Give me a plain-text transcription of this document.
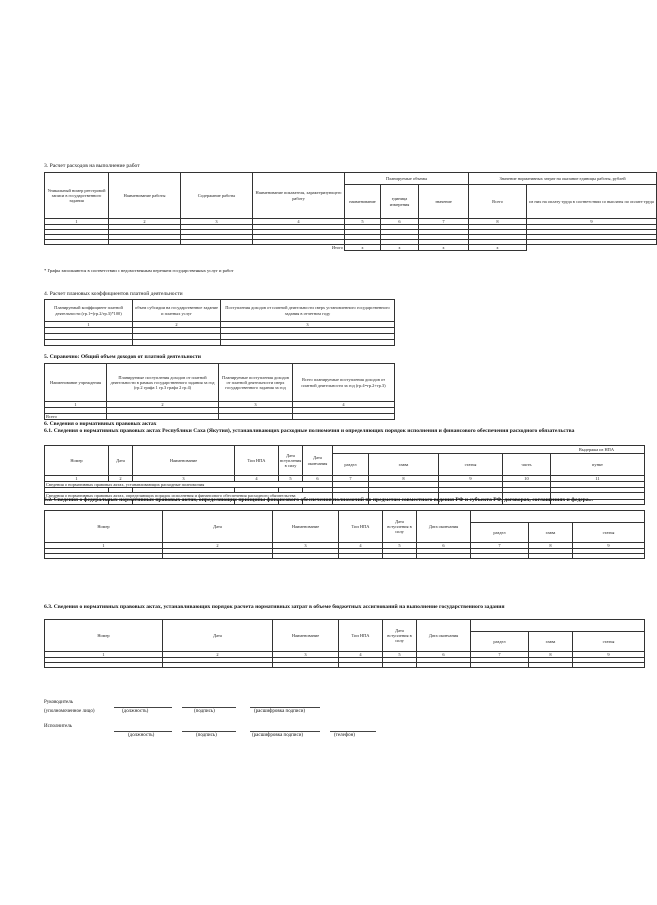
3. Расчет расходов на выполнение работ
Уникальный номер реестровой записи в государственного задания	Наименование работы	Содержание работы	Наименование показателя, характеризующего работу	Планируемые объемы			Значение нормативных затрат на оказание единицы работы, рублей	
				наименование	единица измерения	значение	Всего	из них на оплату труда в соответствии со выплаты по оплате труда
1	2	3	4	5	6	7	8	9

			Итого	х	х	х	х	
* Графы заполняются в соответствии с ведомственным перечнем государственных услуг и работ
4. Расчет плановых коэффициентов платной деятельности
Планируемый коэффициент платной деятельности (гр.1=(гр.2/гр.3)*100)	объем субсидии на государственное задание и платных услуг	Поступления доходов от платной деятельности сверх установленного государственного задания в отчетном году
1	2	3

5. Справочно: Общий объем доходов от платной деятельности
Наименование учреждения	Планируемые поступления доходов от платной деятельности в рамках государственного задания за год (гр.2 графа 1 гр.3 графа 2 гр.4)	Планируемые поступления доходов от платной деятельности сверх государственного задания за год	Всего планируемые поступления доходов от платной деятельности за год (гр.4=гр.2+гр.3)
1	2	3	4

Всего			
6. Сведения о нормативных правовых актах
6.1. Сведения о нормативных правовых актах Республики Саха (Якутия), устанавливающих расходные полномочия и определяющих порядок исполнения и финансового обеспечения расходного обязательства
Номер	Дата	Наименование	Тип НПА	Дата вступления в силу	Дата окончания	Выдержка из НПА				
						раздел	глава	статья	часть	пункт
1	2	3	4	5	6	7	8	9	10	11
Сведения о нормативных правовых актах, устанавливающих расходные полномочия										

Сведения о нормативных правовых актах, определяющих порядок исполнения и финансового обеспечения расходного обязательства										

6.2. Сведения о федеральных нормативных правовых актах, определяющих принципы финансового обеспечения полномочий по предметам совместного ведения РФ и субъекта РФ, договорах, соглашениях и федера...
Номер	Дата	Наименование	Тип НПА	Дата вступления в силу	Дата окончания			
						раздел	глава	статья
1	2	3	4	5	6	7	8	9

6.3. Сведения о нормативных правовых актах, устанавливающих порядок расчета нормативных затрат в объеме бюджетных ассигнований на выполнение государственного задания
Номер	Дата	Наименование	Тип НПА	Дата вступления в силу	Дата окончания			
						раздел	глава	статья
1	2	3	4	5	6	7	8	9

Руководитель
(уполномоченное лицо)	(должность)	(подпись)	(расшифровка подписи)
Исполнитель
(должность)	(подпись)	(расшифровка подписи)	(телефон)
